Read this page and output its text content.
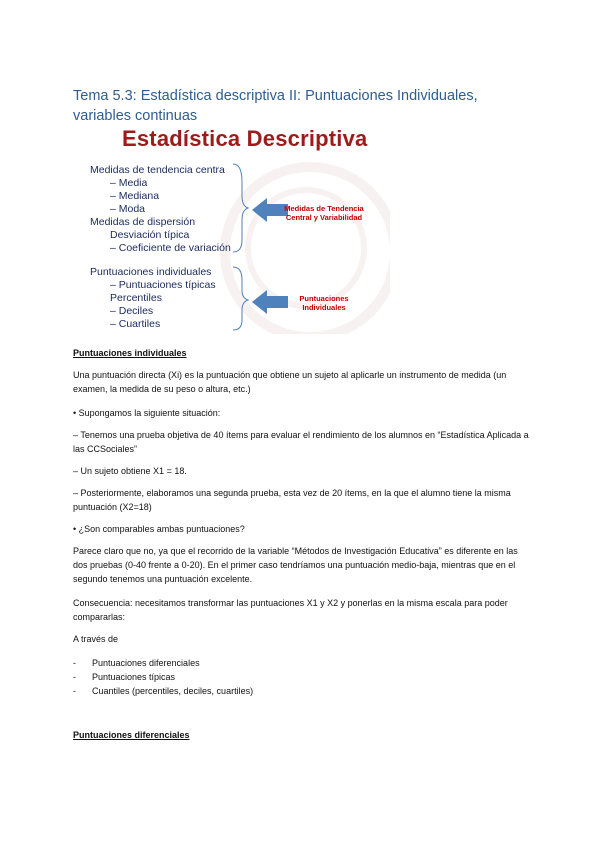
Tema 5.3: Estadística descriptiva II: Puntuaciones Individuales, variables continuas
Estadística Descriptiva
Medidas de tendencia centra
– Media
– Mediana
– Moda
Medidas de dispersión
Desviación típica
– Coeficiente de variación
Puntuaciones individuales
– Puntuaciones típicas
Percentiles
– Deciles
– Cuartiles
Medidas de Tendencia Central y Variabilidad
Puntuaciones Individuales
Puntuaciones individuales
Una puntuación directa (Xi) es la puntuación que obtiene un sujeto al aplicarle un instrumento de medida (un examen, la medida de su peso o altura, etc.)
• Supongamos la siguiente situación:
– Tenemos una prueba objetiva de 40 ítems para evaluar el rendimiento de los alumnos en “Estadística Aplicada a las CCSociales”
– Un sujeto obtiene X1 = 18.
– Posteriormente, elaboramos una segunda prueba, esta vez de 20 ítems, en la que el alumno tiene la misma puntuación (X2=18)
• ¿Son comparables ambas puntuaciones?
Parece claro que no, ya que el recorrido de la variable “Métodos de Investigación Educativa” es diferente en las dos pruebas (0-40 frente a 0-20). En el primer caso tendríamos una puntuación medio-baja, mientras que en el segundo tenemos una puntuación excelente.
Consecuencia: necesitamos transformar las puntuaciones X1 y X2 y ponerlas en la misma escala para poder compararlas:
A través de
- Puntuaciones diferenciales
- Puntuaciones típicas
- Cuantiles (percentiles, deciles, cuartiles)
Puntuaciones diferenciales
